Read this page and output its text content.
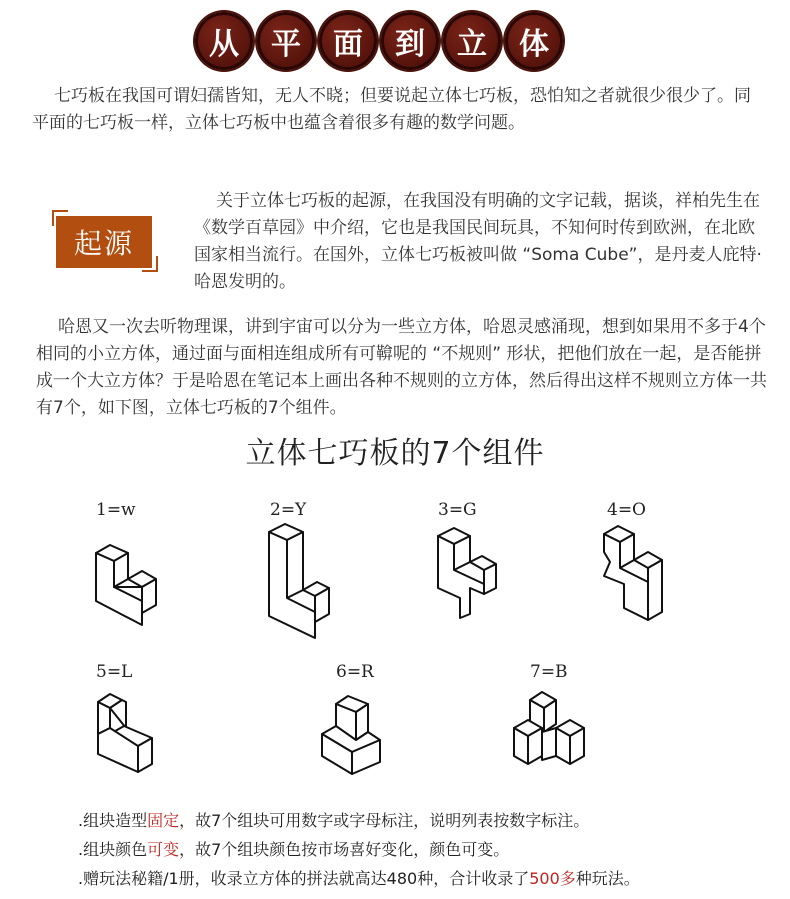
从	平	面	到	立	体

七巧板在我国可谓妇孺皆知，无人不晓；但要说起立体七巧板，恐怕知之者就很少很少了。同平面的七巧板一样，立体七巧板中也蕴含着很多有趣的数学问题。

起源

关于立体七巧板的起源，在我国没有明确的文字记载，据谈，祥柏先生在《数学百草园》中介绍，它也是我国民间玩具，不知何时传到欧洲，在北欧国家相当流行。在国外，立体七巧板被叫做 “Soma Cube”，是丹麦人庇特·哈恩发明的。

哈恩又一次去听物理课，讲到宇宙可以分为一些立方体，哈恩灵感涌现，想到如果用不多于4个相同的小立方体，通过面与面相连组成所有可鞥呢的 “不规则” 形状，把他们放在一起，是否能拼成一个大立方体？于是哈恩在笔记本上画出各种不规则的立方体，然后得出这样不规则立方体一共有7个，如下图，立体七巧板的7个组件。

立体七巧板的7个组件
1=w	2=Y	3=G	4=O
5=L	6=R	7=B
.组块造型固定，故7个组块可用数字或字母标注，说明列表按数字标注。
.组块颜色可变，故7个组块颜色按市场喜好变化，颜色可变。
.赠玩法秘籍/1册，收录立方体的拼法就高达480种，合计收录了500多种玩法。
